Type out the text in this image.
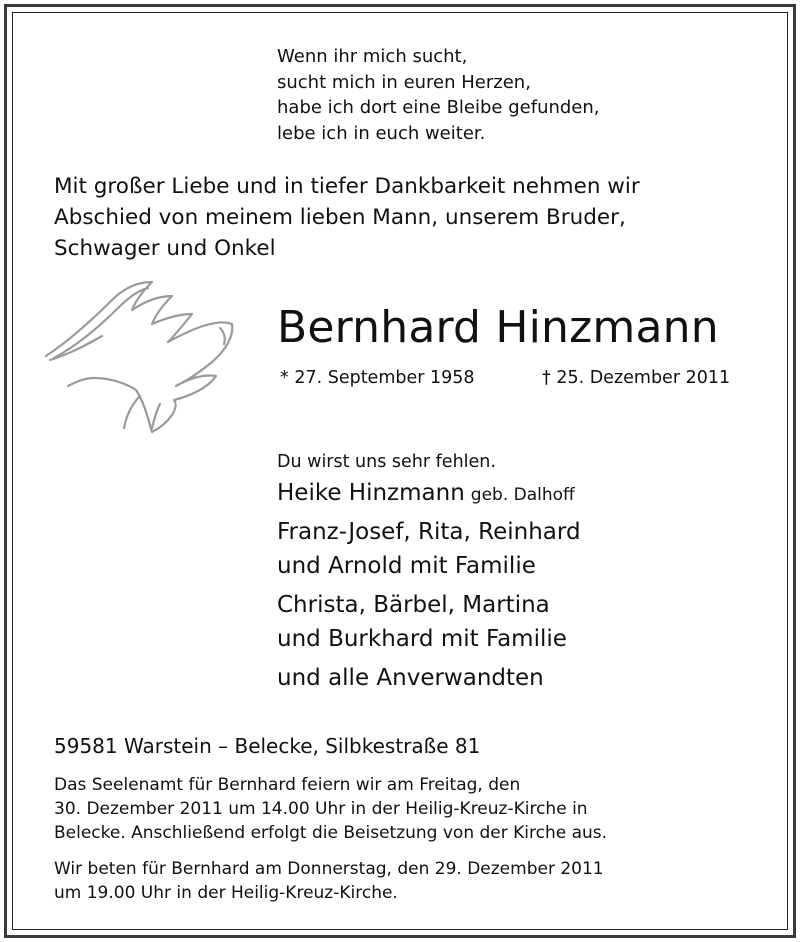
Wenn ihr mich sucht,
sucht mich in euren Herzen,
habe ich dort eine Bleibe gefunden,
lebe ich in euch weiter.
Mit großer Liebe und in tiefer Dankbarkeit nehmen wir
Abschied von meinem lieben Mann, unserem Bruder,
Schwager und Onkel
Bernhard Hinzmann
* 27. September 1958	† 25. Dezember 2011
Du wirst uns sehr fehlen.
Heike Hinzmann geb. Dalhoff
Franz-Josef, Rita, Reinhard
und Arnold mit Familie
Christa, Bärbel, Martina
und Burkhard mit Familie
und alle Anverwandten
59581 Warstein – Belecke, Silbkestraße 81
Das Seelenamt für Bernhard feiern wir am Freitag, den
30. Dezember 2011 um 14.00 Uhr in der Heilig-Kreuz-Kirche in
Belecke. Anschließend erfolgt die Beisetzung von der Kirche aus.
Wir beten für Bernhard am Donnerstag, den 29. Dezember 2011
um 19.00 Uhr in der Heilig-Kreuz-Kirche.
